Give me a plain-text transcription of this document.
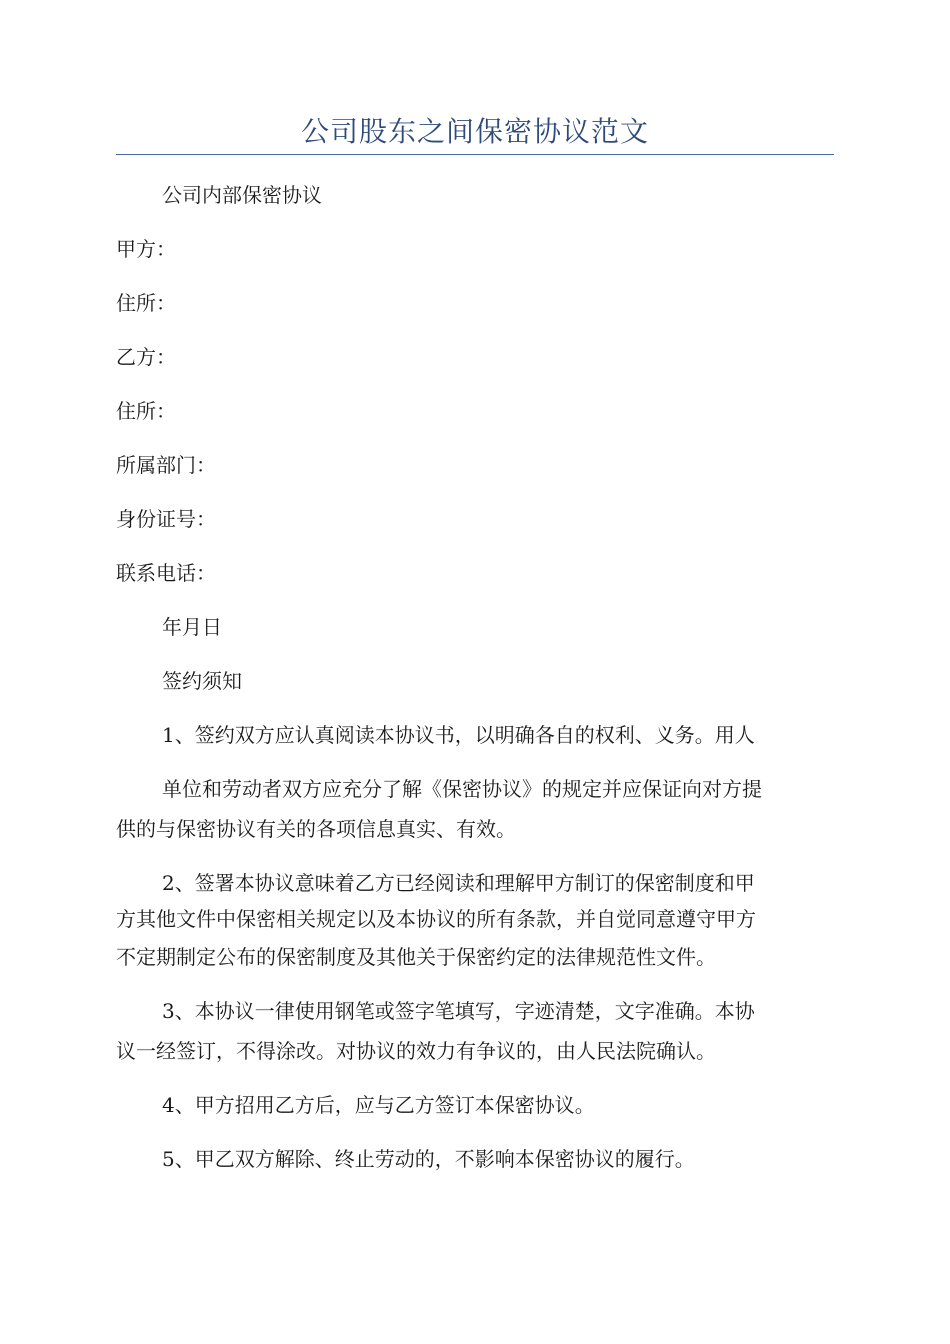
公司股东之间保密协议范文
公司内部保密协议
甲方：
住所：
乙方：
住所：
所属部门：
身份证号：
联系电话：
年月日
签约须知
1、签约双方应认真阅读本协议书，以明确各自的权利、义务。用人
单位和劳动者双方应充分了解《保密协议》的规定并应保证向对方提
供的与保密协议有关的各项信息真实、有效。
2、签署本协议意味着乙方已经阅读和理解甲方制订的保密制度和甲
方其他文件中保密相关规定以及本协议的所有条款，并自觉同意遵守甲方
不定期制定公布的保密制度及其他关于保密约定的法律规范性文件。
3、本协议一律使用钢笔或签字笔填写，字迹清楚，文字准确。本协
议一经签订，不得涂改。对协议的效力有争议的，由人民法院确认。
4、甲方招用乙方后，应与乙方签订本保密协议。
5、甲乙双方解除、终止劳动的，不影响本保密协议的履行。
